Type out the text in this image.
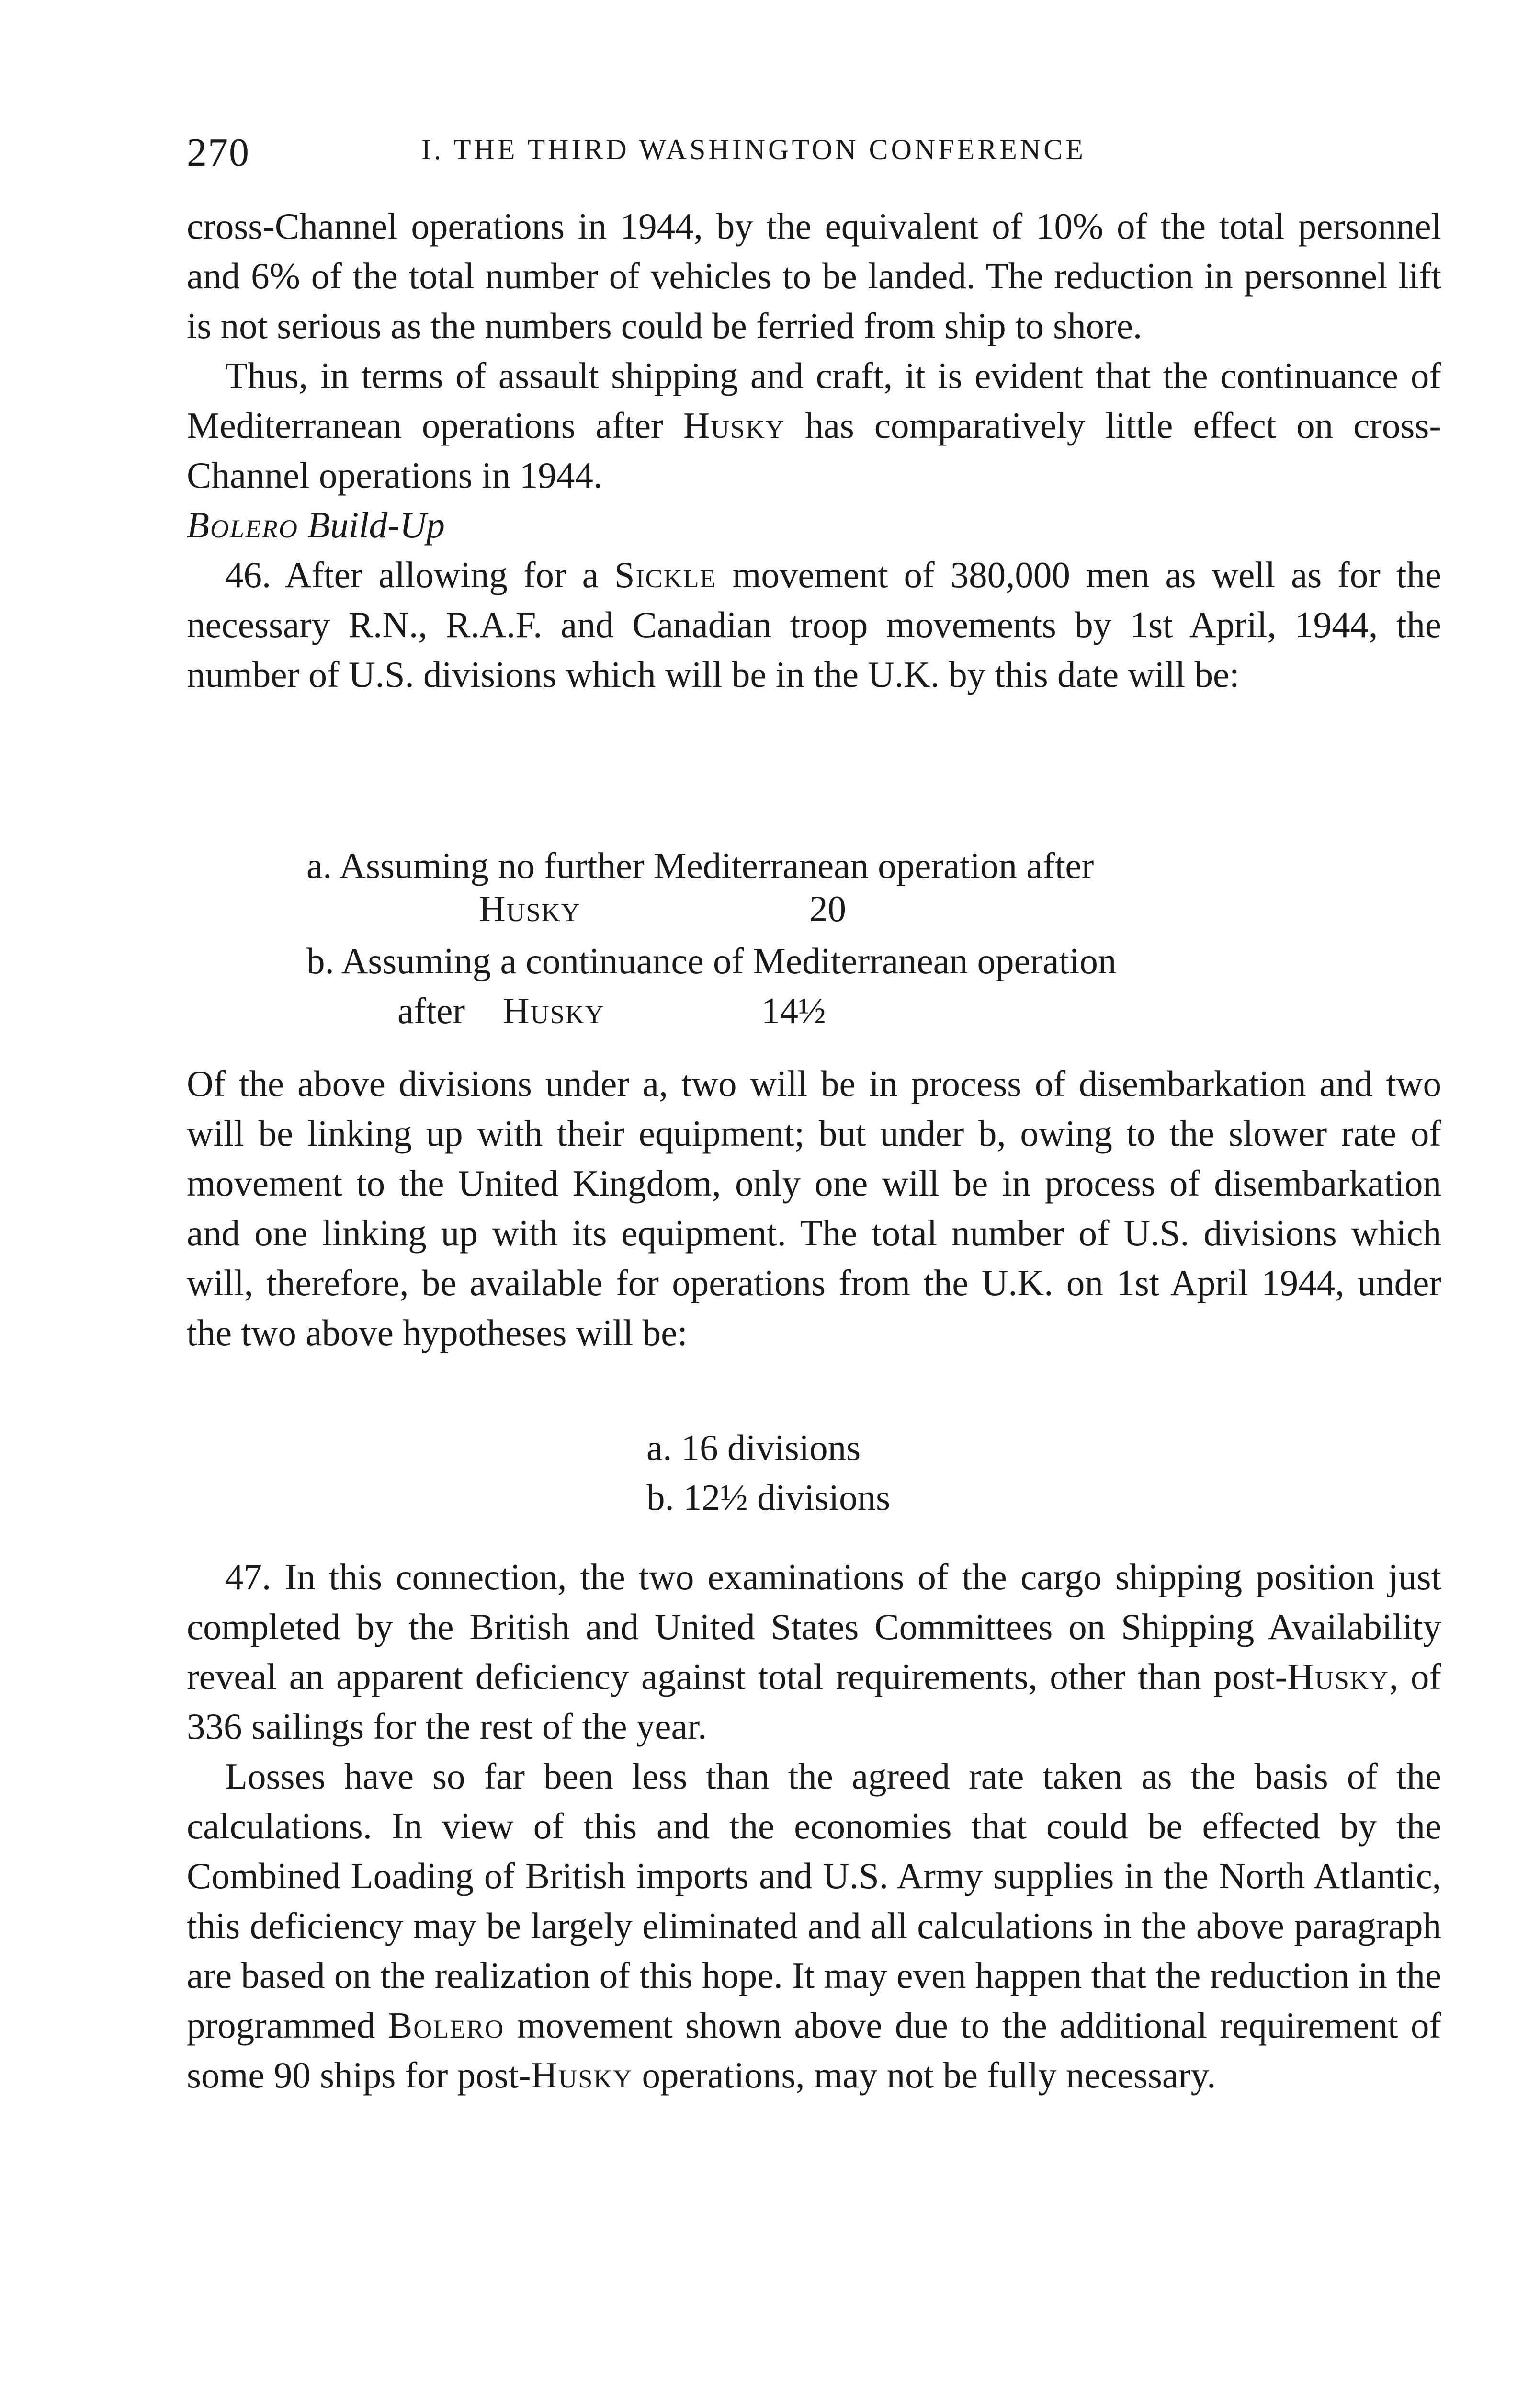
270	I. THE THIRD WASHINGTON CONFERENCE

cross-Channel operations in 1944, by the equivalent of 10% of the total personnel and 6% of the total number of vehicles to be landed. The reduction in personnel lift is not serious as the numbers could be ferried from ship to shore.

Thus, in terms of assault shipping and craft, it is evident that the continuance of Mediterranean operations after Husky has comparatively little effect on cross-Channel operations in 1944.

Bolero Build-Up

46. After allowing for a Sickle movement of 380,000 men as well as for the necessary R.N., R.A.F. and Canadian troop movements by 1st April, 1944, the number of U.S. divisions which will be in the U.K. by this date will be:

a. Assuming no further Mediterranean operation after
Husky	20
b. Assuming a continuance of Mediterranean operation
after Husky	14½

Of the above divisions under a, two will be in process of disembarkation and two will be linking up with their equipment; but under b, owing to the slower rate of movement to the United Kingdom, only one will be in process of disembarkation and one linking up with its equipment. The total number of U.S. divisions which will, therefore, be available for operations from the U.K. on 1st April 1944, under the two above hypotheses will be:

a. 16 divisions
b. 12½ divisions

47. In this connection, the two examinations of the cargo shipping position just completed by the British and United States Committees on Shipping Availability reveal an apparent deficiency against total requirements, other than post-Husky, of 336 sailings for the rest of the year.

Losses have so far been less than the agreed rate taken as the basis of the calculations. In view of this and the economies that could be effected by the Combined Loading of British imports and U.S. Army supplies in the North Atlantic, this deficiency may be largely eliminated and all calculations in the above paragraph are based on the realization of this hope. It may even happen that the reduction in the programmed Bolero movement shown above due to the additional requirement of some 90 ships for post-Husky operations, may not be fully necessary.
